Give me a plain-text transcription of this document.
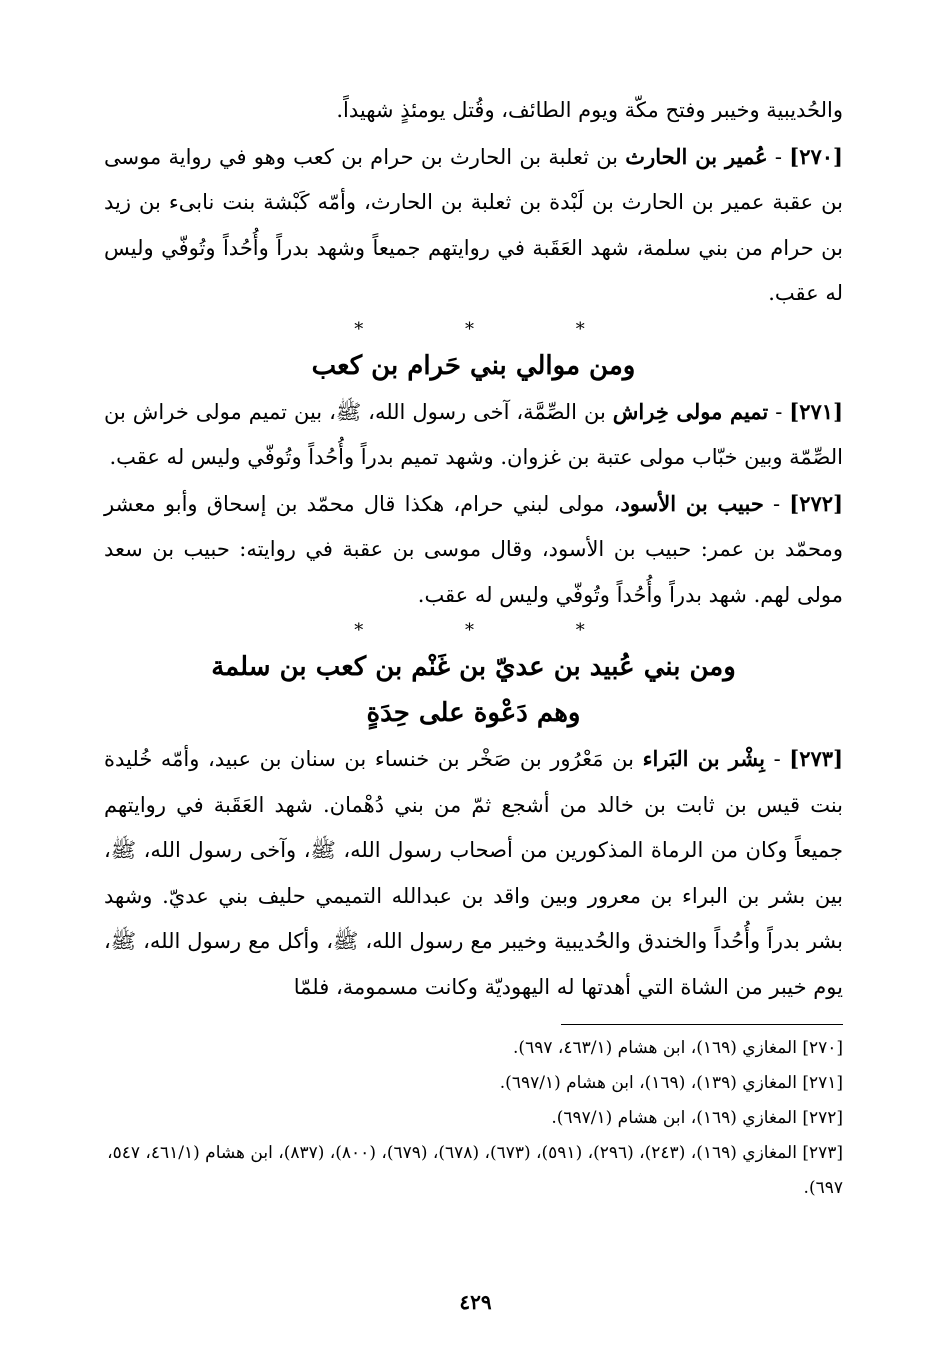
والحُديبية وخيبر وفتح مكّة ويوم الطائف، وقُتل يومئذٍ شهيداً.

[٢٧٠] - عُمير بن الحارث بن ثعلبة بن الحارث بن حرام بن كعب وهو في رواية موسى بن عقبة عمير بن الحارث بن لَبْدة بن ثعلبة بن الحارث، وأمّه كَبْشة بنت نابىء بن زيد بن حرام من بني سلمة، شهد العَقَبة في روايتهم جميعاً وشهد بدراً وأُحُداً وتُوفّي وليس له عقب.

* * *

ومن موالي بني حَرام بن كعب

[٢٧١] - تميم مولى خِراش بن الصِّمَّة، آخى رسول الله، ﷺ، بين تميم مولى خراش بن الصِّمّة وبين خبّاب مولى عتبة بن غزوان. وشهد تميم بدراً وأُحُداً وتُوفّي وليس له عقب.

[٢٧٢] - حبيب بن الأسود، مولى لبني حرام، هكذا قال محمّد بن إسحاق وأبو معشر ومحمّد بن عمر: حبيب بن الأسود، وقال موسى بن عقبة في روايته: حبيب بن سعد مولى لهم. شهد بدراً وأُحُداً وتُوفّي وليس له عقب.

* * *

ومن بني عُبيد بن عديّ بن غَنْم بن كعب بن سلمة

وهم دَعْوة على حِدَةٍ

[٢٧٣] - بِشْر بن البَراء بن مَعْرُور بن صَخْر بن خنساء بن سنان بن عبيد، وأمّه خُليدة بنت قيس بن ثابت بن خالد من أشجع ثمّ من بني دُهْمان. شهد العَقَبة في روايتهم جميعاً وكان من الرماة المذكورين من أصحاب رسول الله، ﷺ، وآخى رسول الله، ﷺ، بين بشر بن البراء بن معرور وبين واقد بن عبدالله التميمي حليف بني عديّ. وشهد بشر بدراً وأُحُداً والخندق والحُديبية وخيبر مع رسول الله، ﷺ، وأكل مع رسول الله، ﷺ، يوم خيبر من الشاة التي أهدتها له اليهوديّة وكانت مسمومة، فلمّا

[٢٧٠] المغازي (١٦٩)، ابن هشام (٤٦٣/١، ٦٩٧).

[٢٧١] المغازي (١٣٩)، (١٦٩)، ابن هشام (٦٩٧/١).

[٢٧٢] المغازي (١٦٩)، ابن هشام (٦٩٧/١).

[٢٧٣] المغازي (١٦٩)، (٢٤٣)، (٢٩٦)، (٥٩١)، (٦٧٣)، (٦٧٨)، (٦٧٩)، (٨٠٠)، (٨٣٧)، ابن هشام (٤٦١/١، ٥٤٧، ٦٩٧).

٤٢٩
